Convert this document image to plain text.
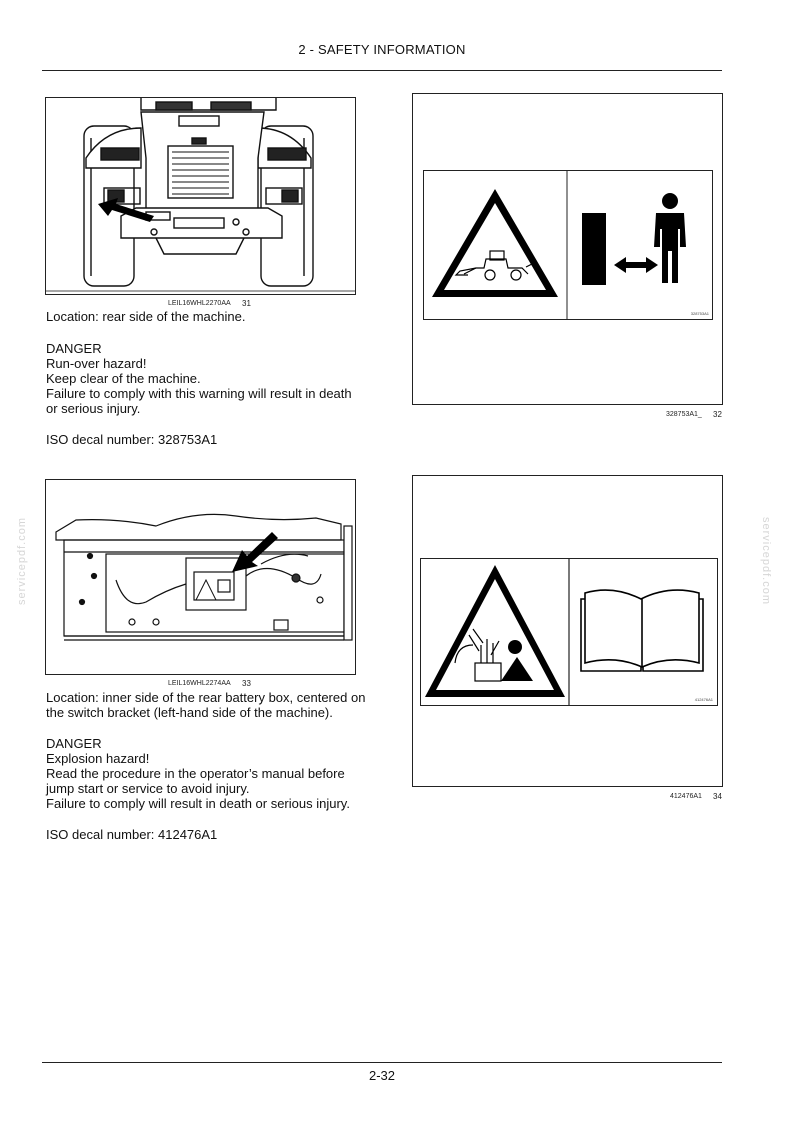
2 - SAFETY INFORMATION
servicepdf.com	servicepdf.com
LEIL16WHL2270AA 31
328753A1
328753A1_ 32

Location: rear side of the machine.

DANGER

Run-over hazard!

Keep clear of the machine.

Failure to comply with this warning will result in death

or serious injury.

ISO decal number: 328753A1

LEIL16WHL2274AA 33
412476A1
412476A1 34

Location: inner side of the rear battery box, centered on

the switch bracket (left-hand side of the machine).

DANGER

Explosion hazard!

Read the procedure in the operator’s manual before

jump start or service to avoid injury.

Failure to comply will result in death or serious injury.

ISO decal number: 412476A1

2-32
